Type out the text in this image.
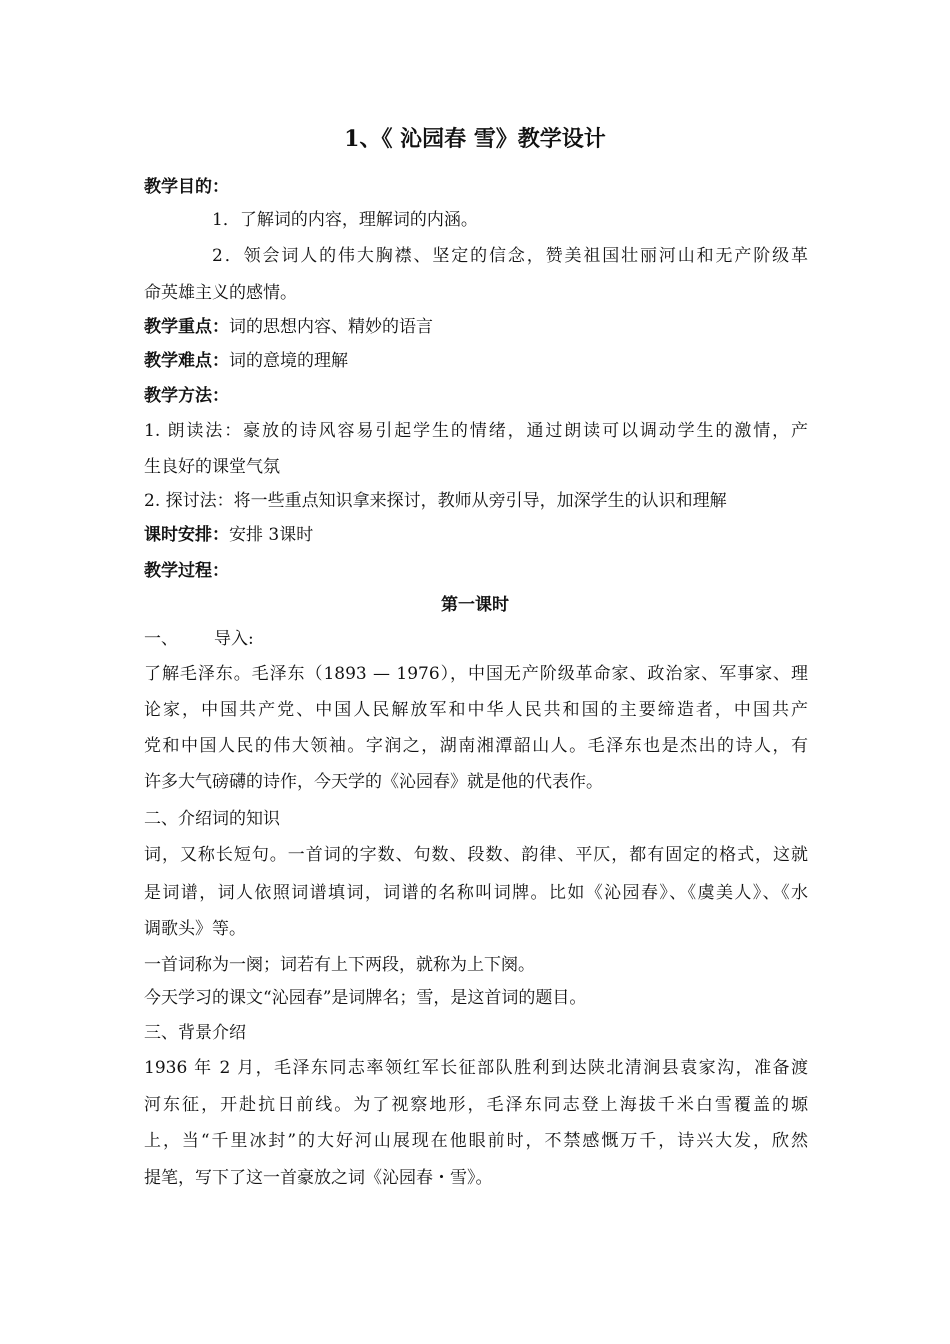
1、《 沁园春 雪》教学设计
教学目的：
1．了解词的内容，理解词的内涵。
2．领会词人的伟大胸襟、坚定的信念，赞美祖国壮丽河山和无产阶级革
命英雄主义的感情。
教学重点：词的思想内容、精妙的语言
教学难点：词的意境的理解
教学方法：
1. 朗读法：豪放的诗风容易引起学生的情绪，通过朗读可以调动学生的激情，产
生良好的课堂气氛
2. 探讨法：将一些重点知识拿来探讨，教师从旁引导，加深学生的认识和理解
课时安排：安排 3课时
教学过程：
第一课时
一、 导入:
了解毛泽东。毛泽东（1893 — 1976），中国无产阶级革命家、政治家、军事家、理
论家，中国共产党、中国人民解放军和中华人民共和国的主要缔造者，中国共产
党和中国人民的伟大领袖。字润之，湖南湘潭韶山人。毛泽东也是杰出的诗人，有
许多大气磅礴的诗作，今天学的《沁园春》就是他的代表作。
二、介绍词的知识
词，又称长短句。一首词的字数、句数、段数、韵律、平仄，都有固定的格式，这就
是词谱，词人依照词谱填词，词谱的名称叫词牌。比如《沁园春》、《虞美人》、《水
调歌头》等。
一首词称为一阕；词若有上下两段，就称为上下阕。
今天学习的课文“沁园春”是词牌名；雪，是这首词的题目。
三、背景介绍
1936 年 2 月，毛泽东同志率领红军长征部队胜利到达陕北清涧县袁家沟，准备渡
河东征，开赴抗日前线。为了视察地形，毛泽东同志登上海拔千米白雪覆盖的塬
上，当“千里冰封”的大好河山展现在他眼前时，不禁感慨万千，诗兴大发，欣然
提笔，写下了这一首豪放之词《沁园春・雪》。
